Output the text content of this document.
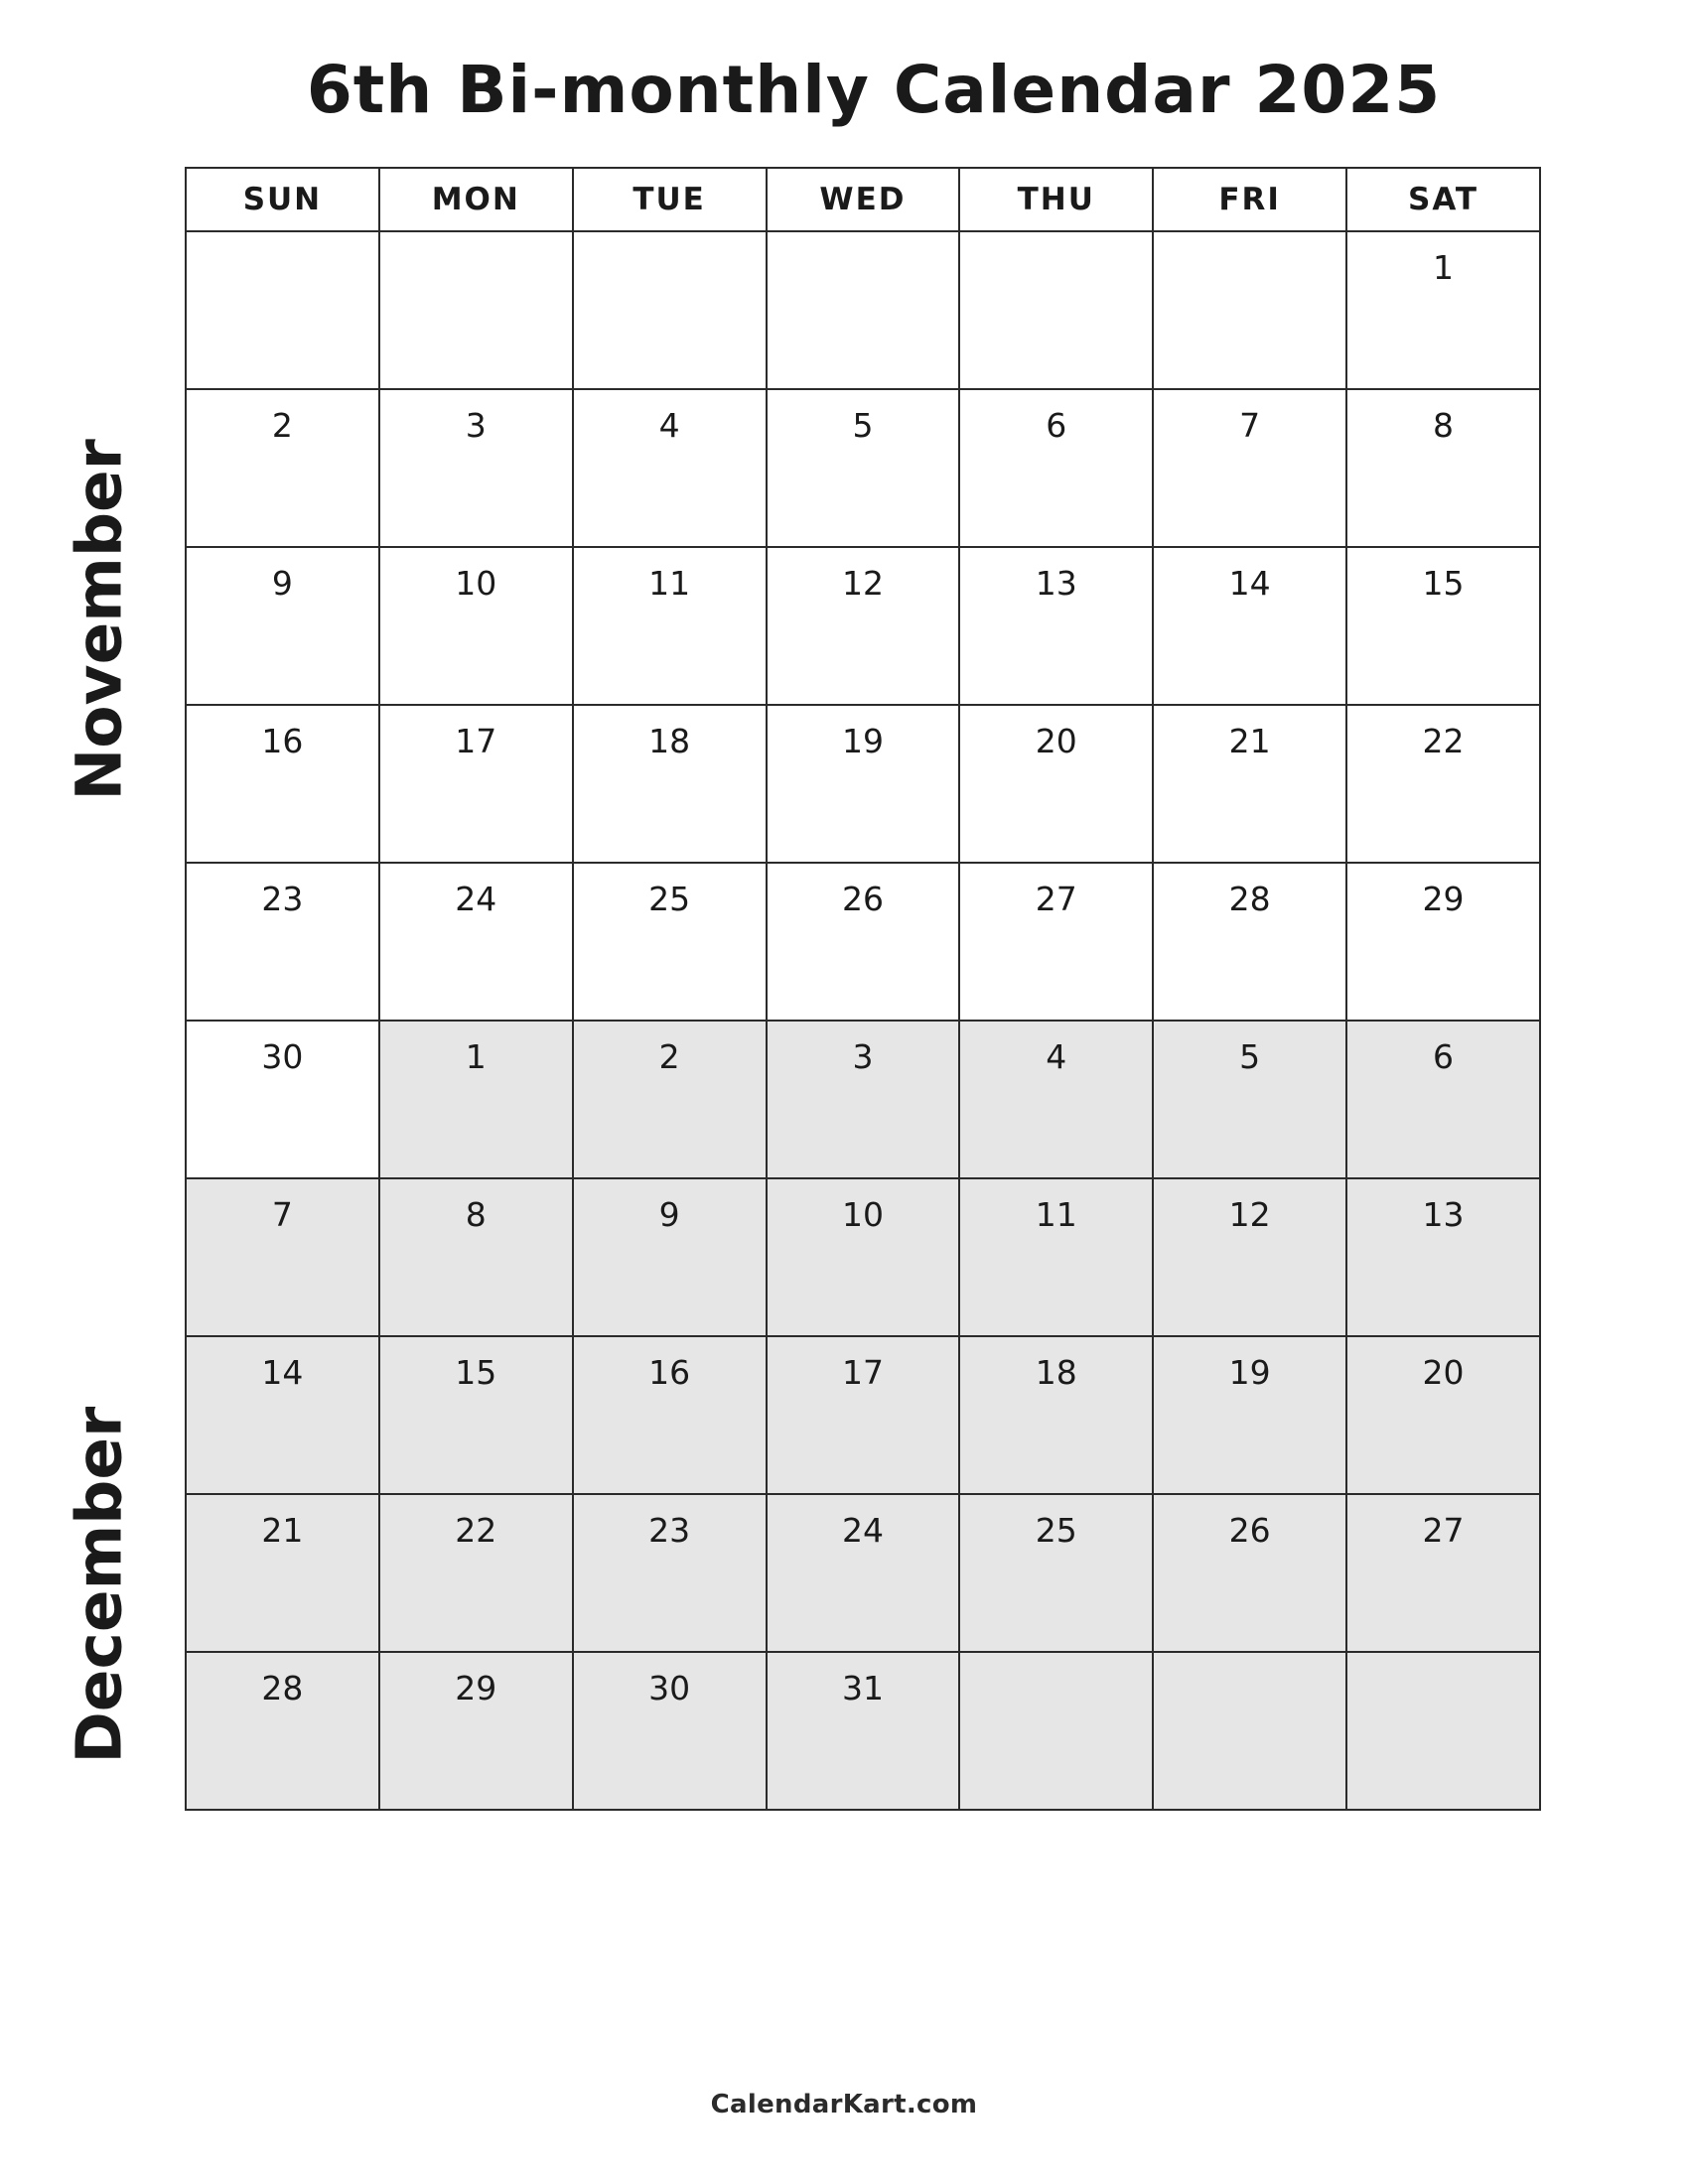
6th Bi-monthly Calendar 2025
November
December
SUN	MON	TUE	WED	THU	FRI	SAT
						1
2	3	4	5	6	7	8
9	10	11	12	13	14	15
16	17	18	19	20	21	22
23	24	25	26	27	28	29
30	1	2	3	4	5	6
7	8	9	10	11	12	13
14	15	16	17	18	19	20
21	22	23	24	25	26	27
28	29	30	31			
CalendarKart.com
